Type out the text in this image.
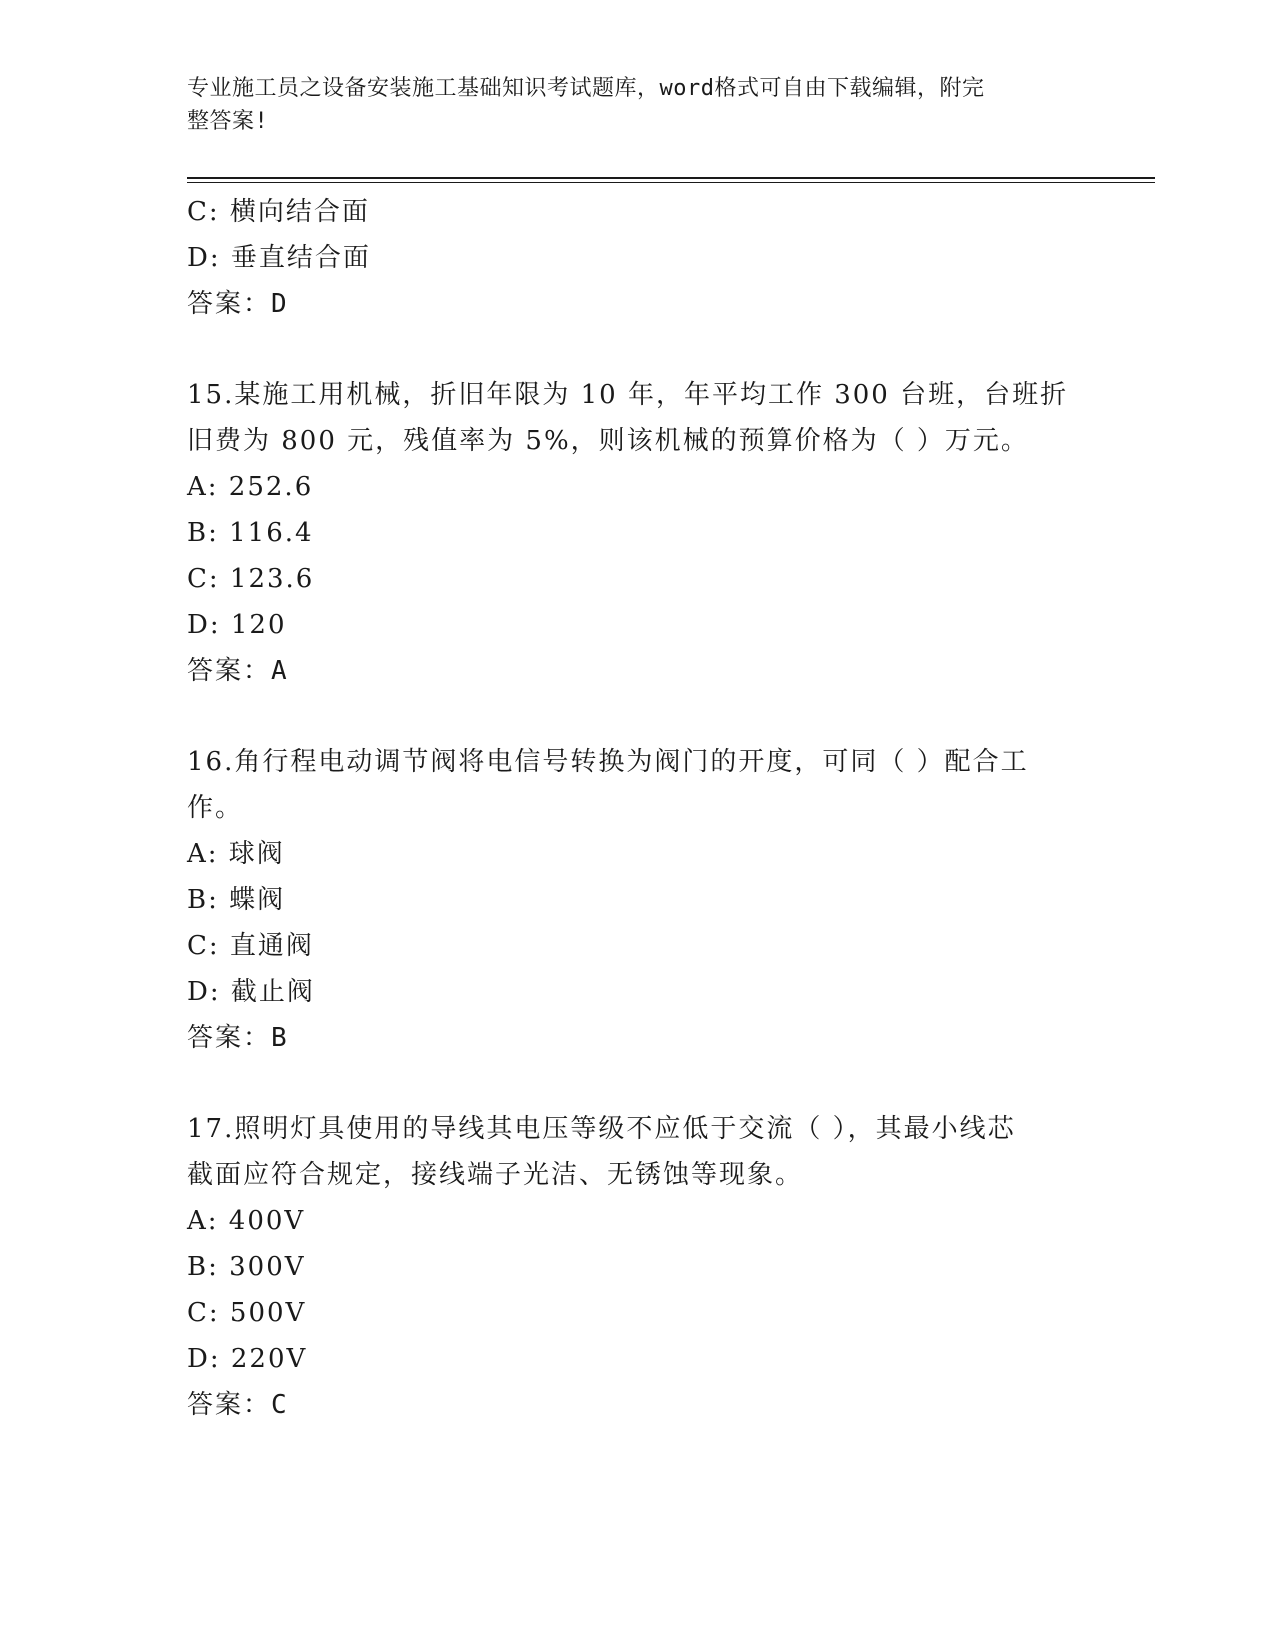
专业施工员之设备安装施工基础知识考试题库，word格式可自由下载编辑，附完
整答案!
C: 横向结合面
D: 垂直结合面
答案：D
15.某施工用机械，折旧年限为 10 年，年平均工作 300 台班，台班折
旧费为 800 元，残值率为 5%，则该机械的预算价格为（ ）万元。
A: 252.6
B: 116.4
C: 123.6
D: 120
答案：A
16.角行程电动调节阀将电信号转换为阀门的开度，可同（ ）配合工
作。
A: 球阀
B: 蝶阀
C: 直通阀
D: 截止阀
答案：B
17.照明灯具使用的导线其电压等级不应低于交流（ ），其最小线芯
截面应符合规定，接线端子光洁、无锈蚀等现象。
A: 400V
B: 300V
C: 500V
D: 220V
答案：C
